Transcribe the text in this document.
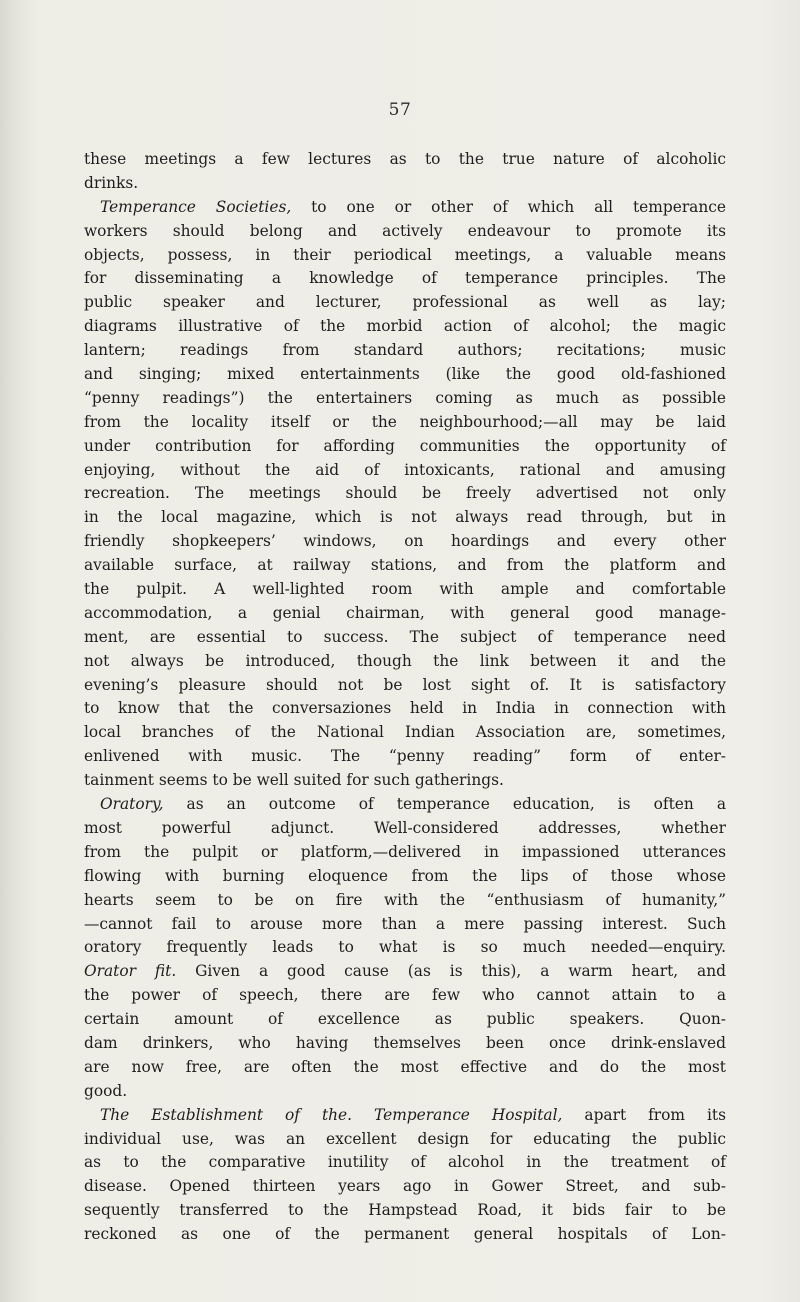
57
these meetings a few lectures as to the true nature of alcoholic
drinks.
Temperance Societies, to one or other of which all temperance
workers should belong and actively endeavour to promote its
objects, possess, in their periodical meetings, a valuable means
for disseminating a knowledge of temperance principles. The
public speaker and lecturer, professional as well as lay;
diagrams illustrative of the morbid action of alcohol; the magic
lantern; readings from standard authors; recitations; music
and singing; mixed entertainments (like the good old-fashioned
“penny readings”) the entertainers coming as much as possible
from the locality itself or the neighbourhood;—all may be laid
under contribution for affording communities the opportunity of
enjoying, without the aid of intoxicants, rational and amusing
recreation. The meetings should be freely advertised not only
in the local magazine, which is not always read through, but in
friendly shopkeepers’ windows, on hoardings and every other
available surface, at railway stations, and from the platform and
the pulpit. A well-lighted room with ample and comfortable
accommodation, a genial chairman, with general good manage-
ment, are essential to success. The subject of temperance need
not always be introduced, though the link between it and the
evening’s pleasure should not be lost sight of. It is satisfactory
to know that the conversaziones held in India in connection with
local branches of the National Indian Association are, sometimes,
enlivened with music. The “penny reading” form of enter-
tainment seems to be well suited for such gatherings.
Oratory, as an outcome of temperance education, is often a
most powerful adjunct. Well-considered addresses, whether
from the pulpit or platform,—delivered in impassioned utterances
flowing with burning eloquence from the lips of those whose
hearts seem to be on fire with the “enthusiasm of humanity,”
—cannot fail to arouse more than a mere passing interest. Such
oratory frequently leads to what is so much needed—enquiry.
Orator fit. Given a good cause (as is this), a warm heart, and
the power of speech, there are few who cannot attain to a
certain amount of excellence as public speakers. Quon-
dam drinkers, who having themselves been once drink-enslaved
are now free, are often the most effective and do the most
good.
The Establishment of the. Temperance Hospital, apart from its
individual use, was an excellent design for educating the public
as to the comparative inutility of alcohol in the treatment of
disease. Opened thirteen years ago in Gower Street, and sub-
sequently transferred to the Hampstead Road, it bids fair to be
reckoned as one of the permanent general hospitals of Lon-
